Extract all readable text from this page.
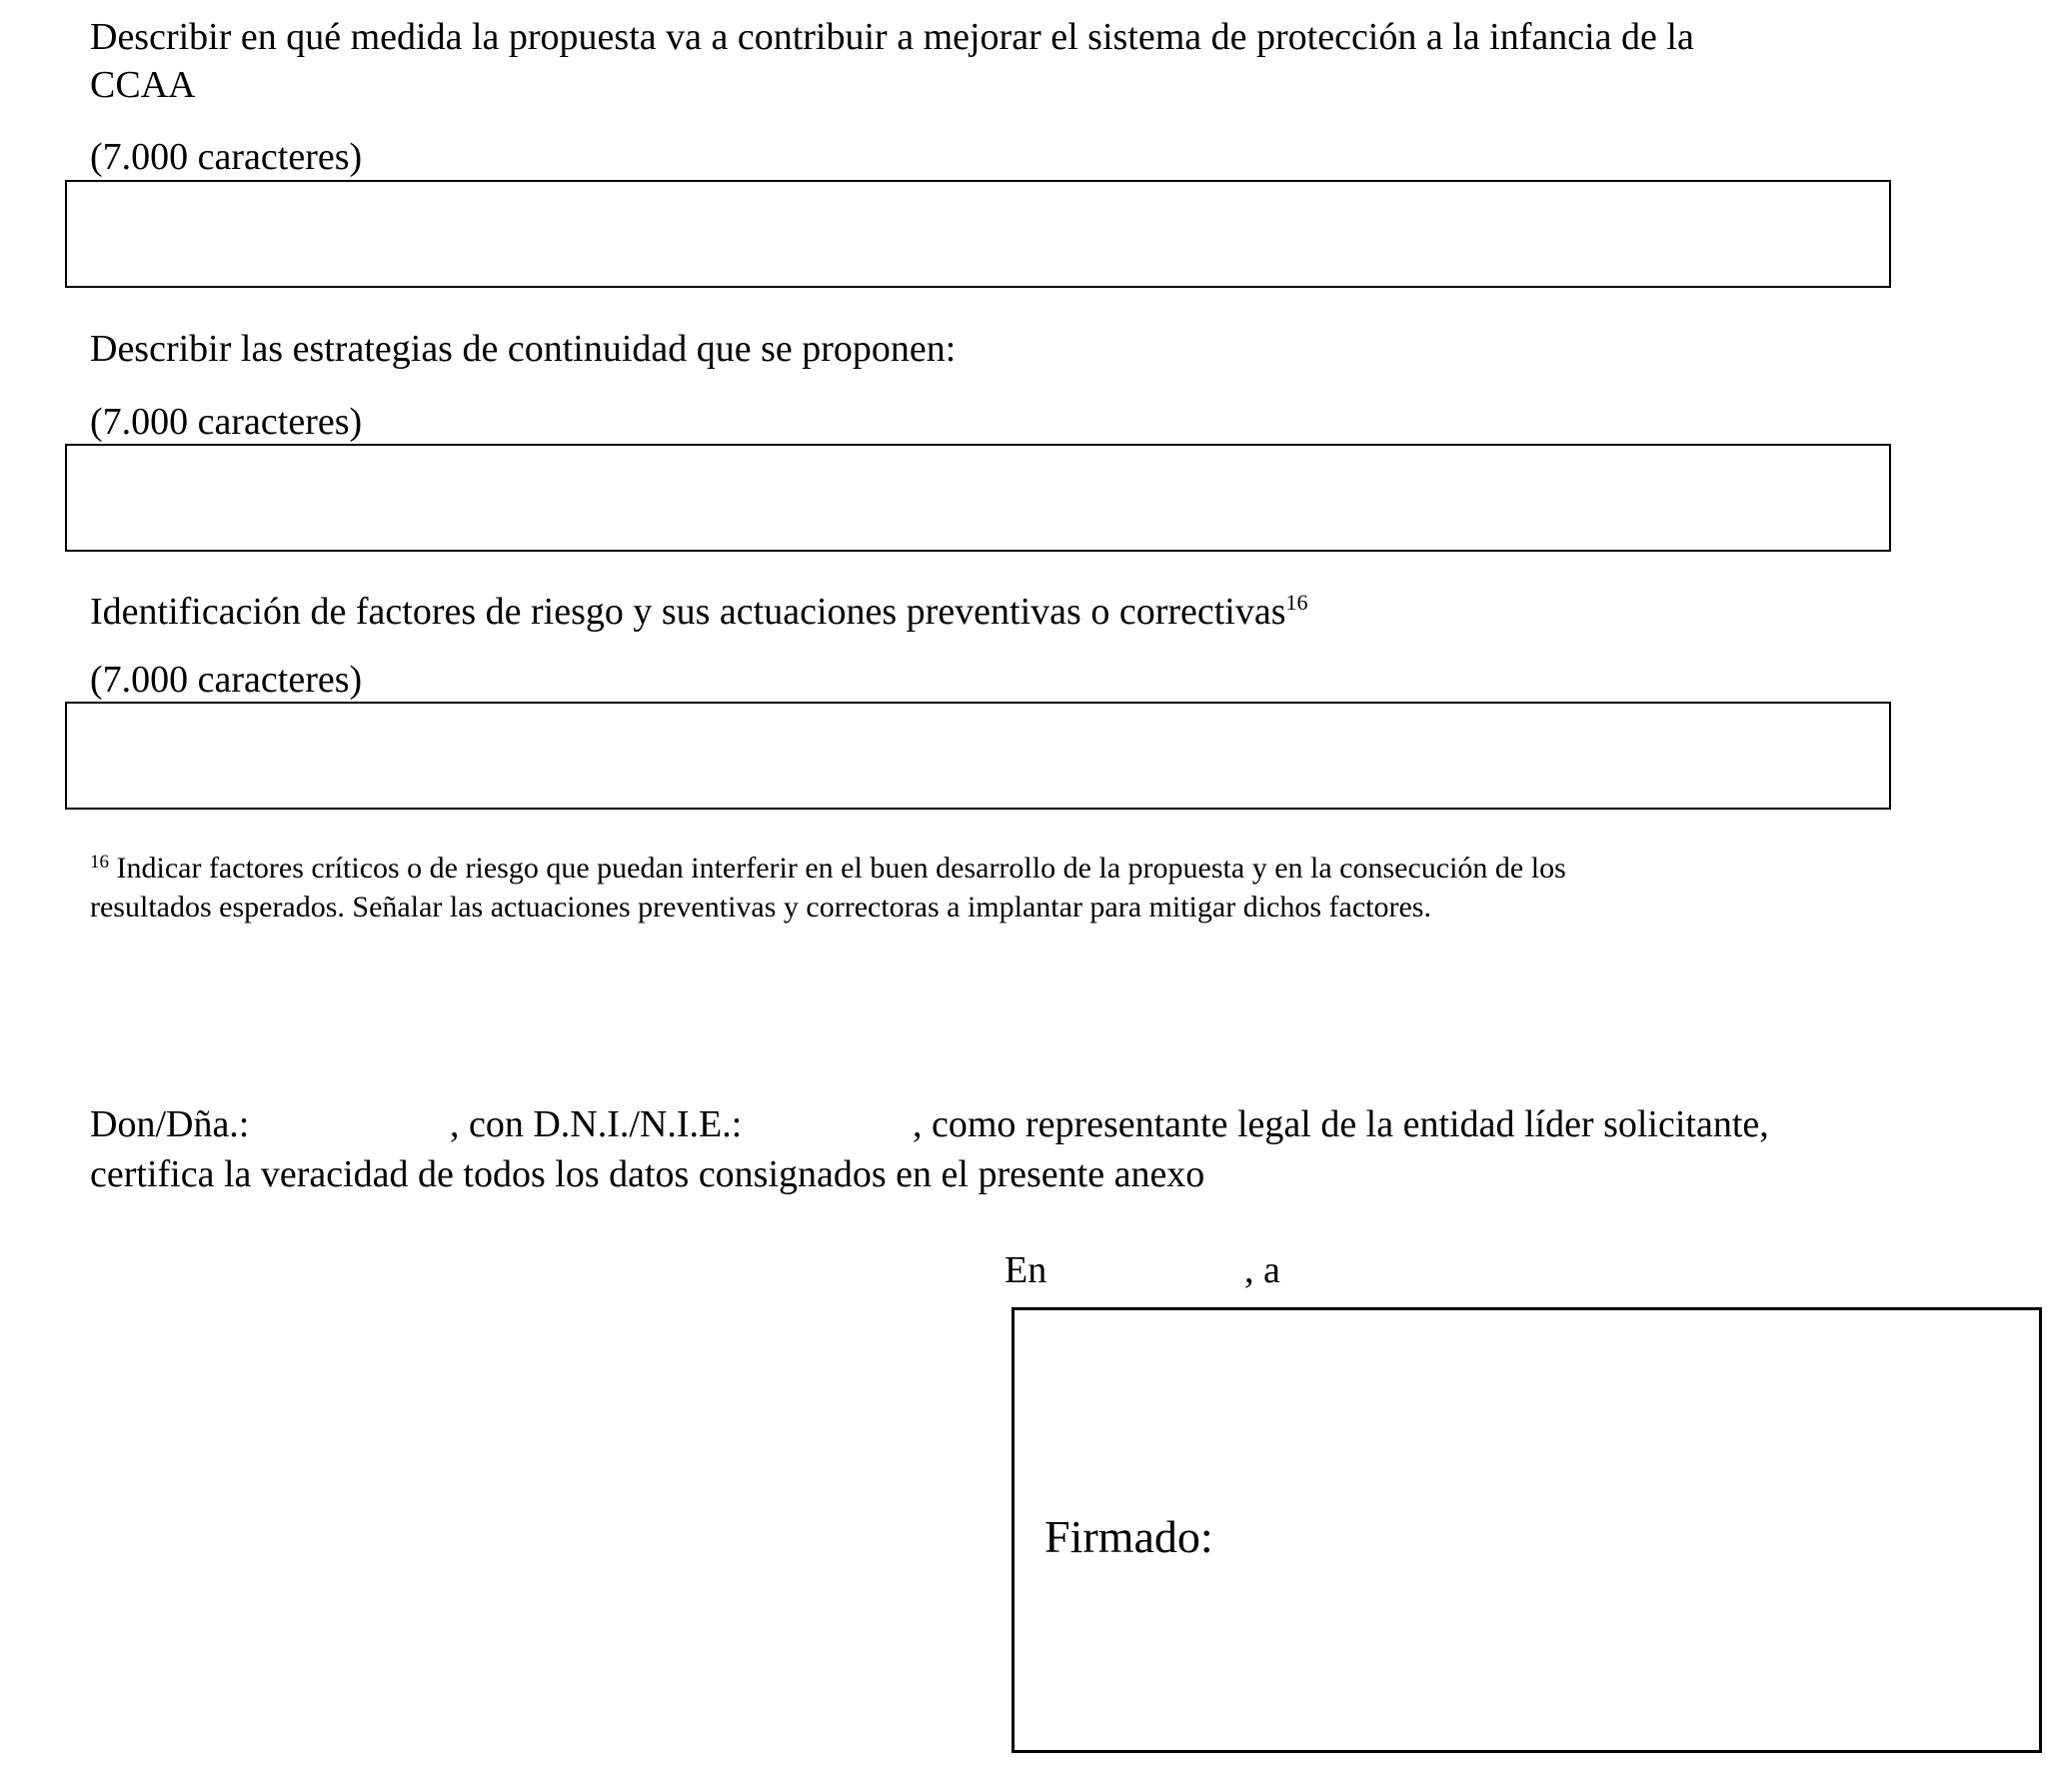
Describir en qué medida la propuesta va a contribuir a mejorar el sistema de protección a la infancia de la

CCAA

(7.000 caracteres)

Describir las estrategias de continuidad que se proponen:

(7.000 caracteres)

Identificación de factores de riesgo y sus actuaciones preventivas o correctivas$^{16}$

(7.000 caracteres)

$^{16}$ Indicar factores críticos o de riesgo que puedan interferir en el buen desarrollo de la propuesta y en la consecución de los

resultados esperados. Señalar las actuaciones preventivas y correctoras a implantar para mitigar dichos factores.

Don/Dña.:	, con D.N.I./N.I.E.:	, como representante legal de la entidad líder solicitante,

certifica la veracidad de todos los datos consignados en el presente anexo

En	, a

Firmado:
